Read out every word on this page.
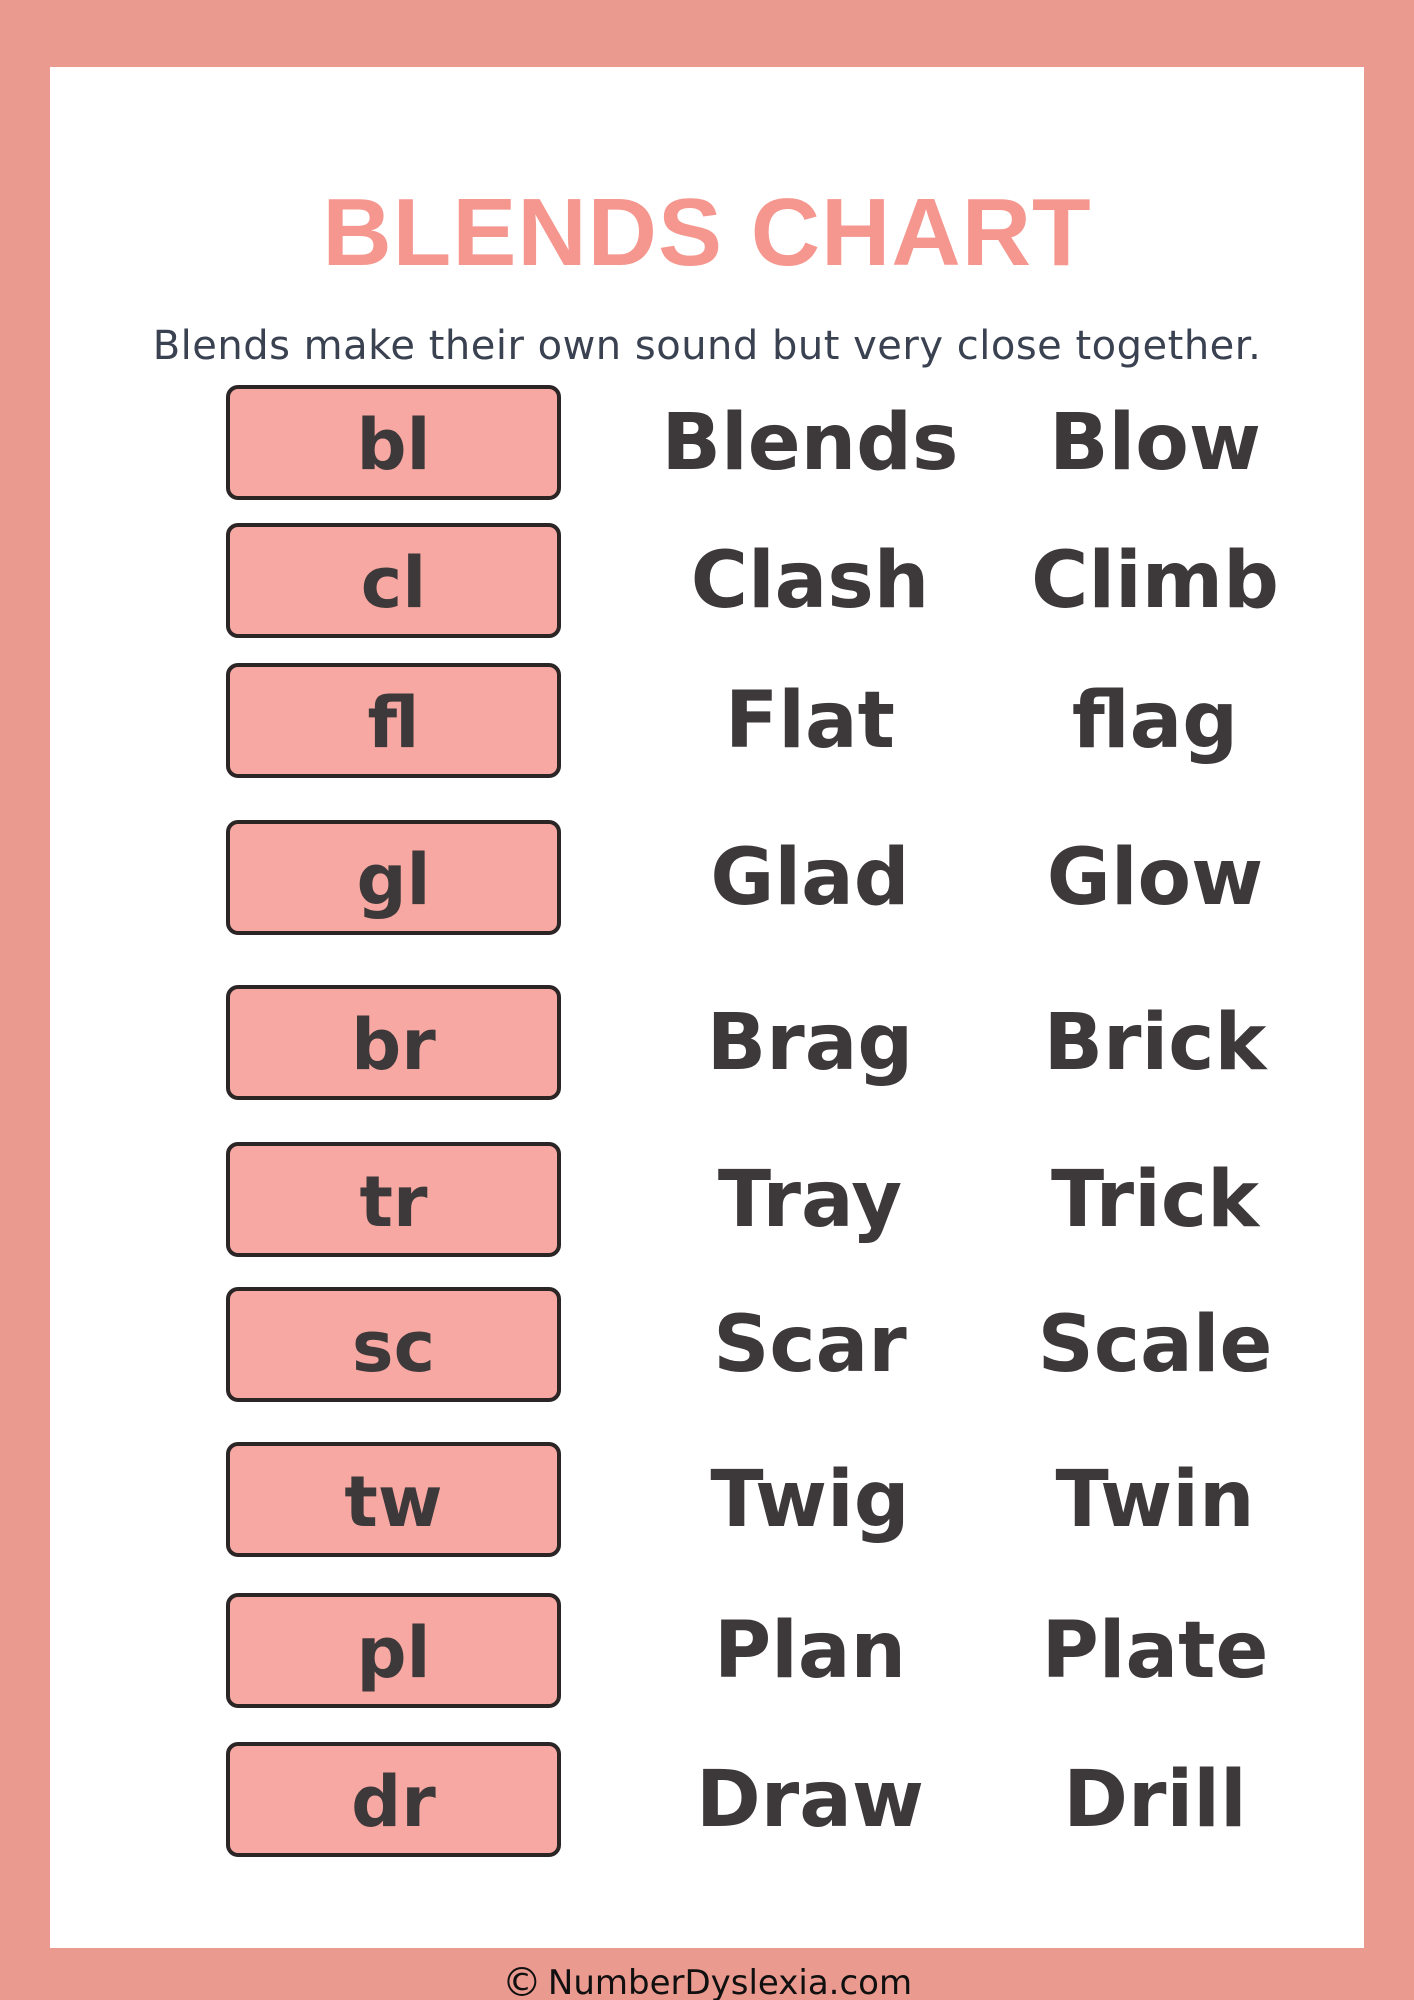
BLENDS CHART
Blends make their own sound but very close together.
bl	Blends	Blow
cl	Clash	Climb
fl	Flat	flag
gl	Glad	Glow
br	Brag	Brick
tr	Tray	Trick
sc	Scar	Scale
tw	Twig	Twin
pl	Plan	Plate
dr	Draw	Drill
© NumberDyslexia.com
